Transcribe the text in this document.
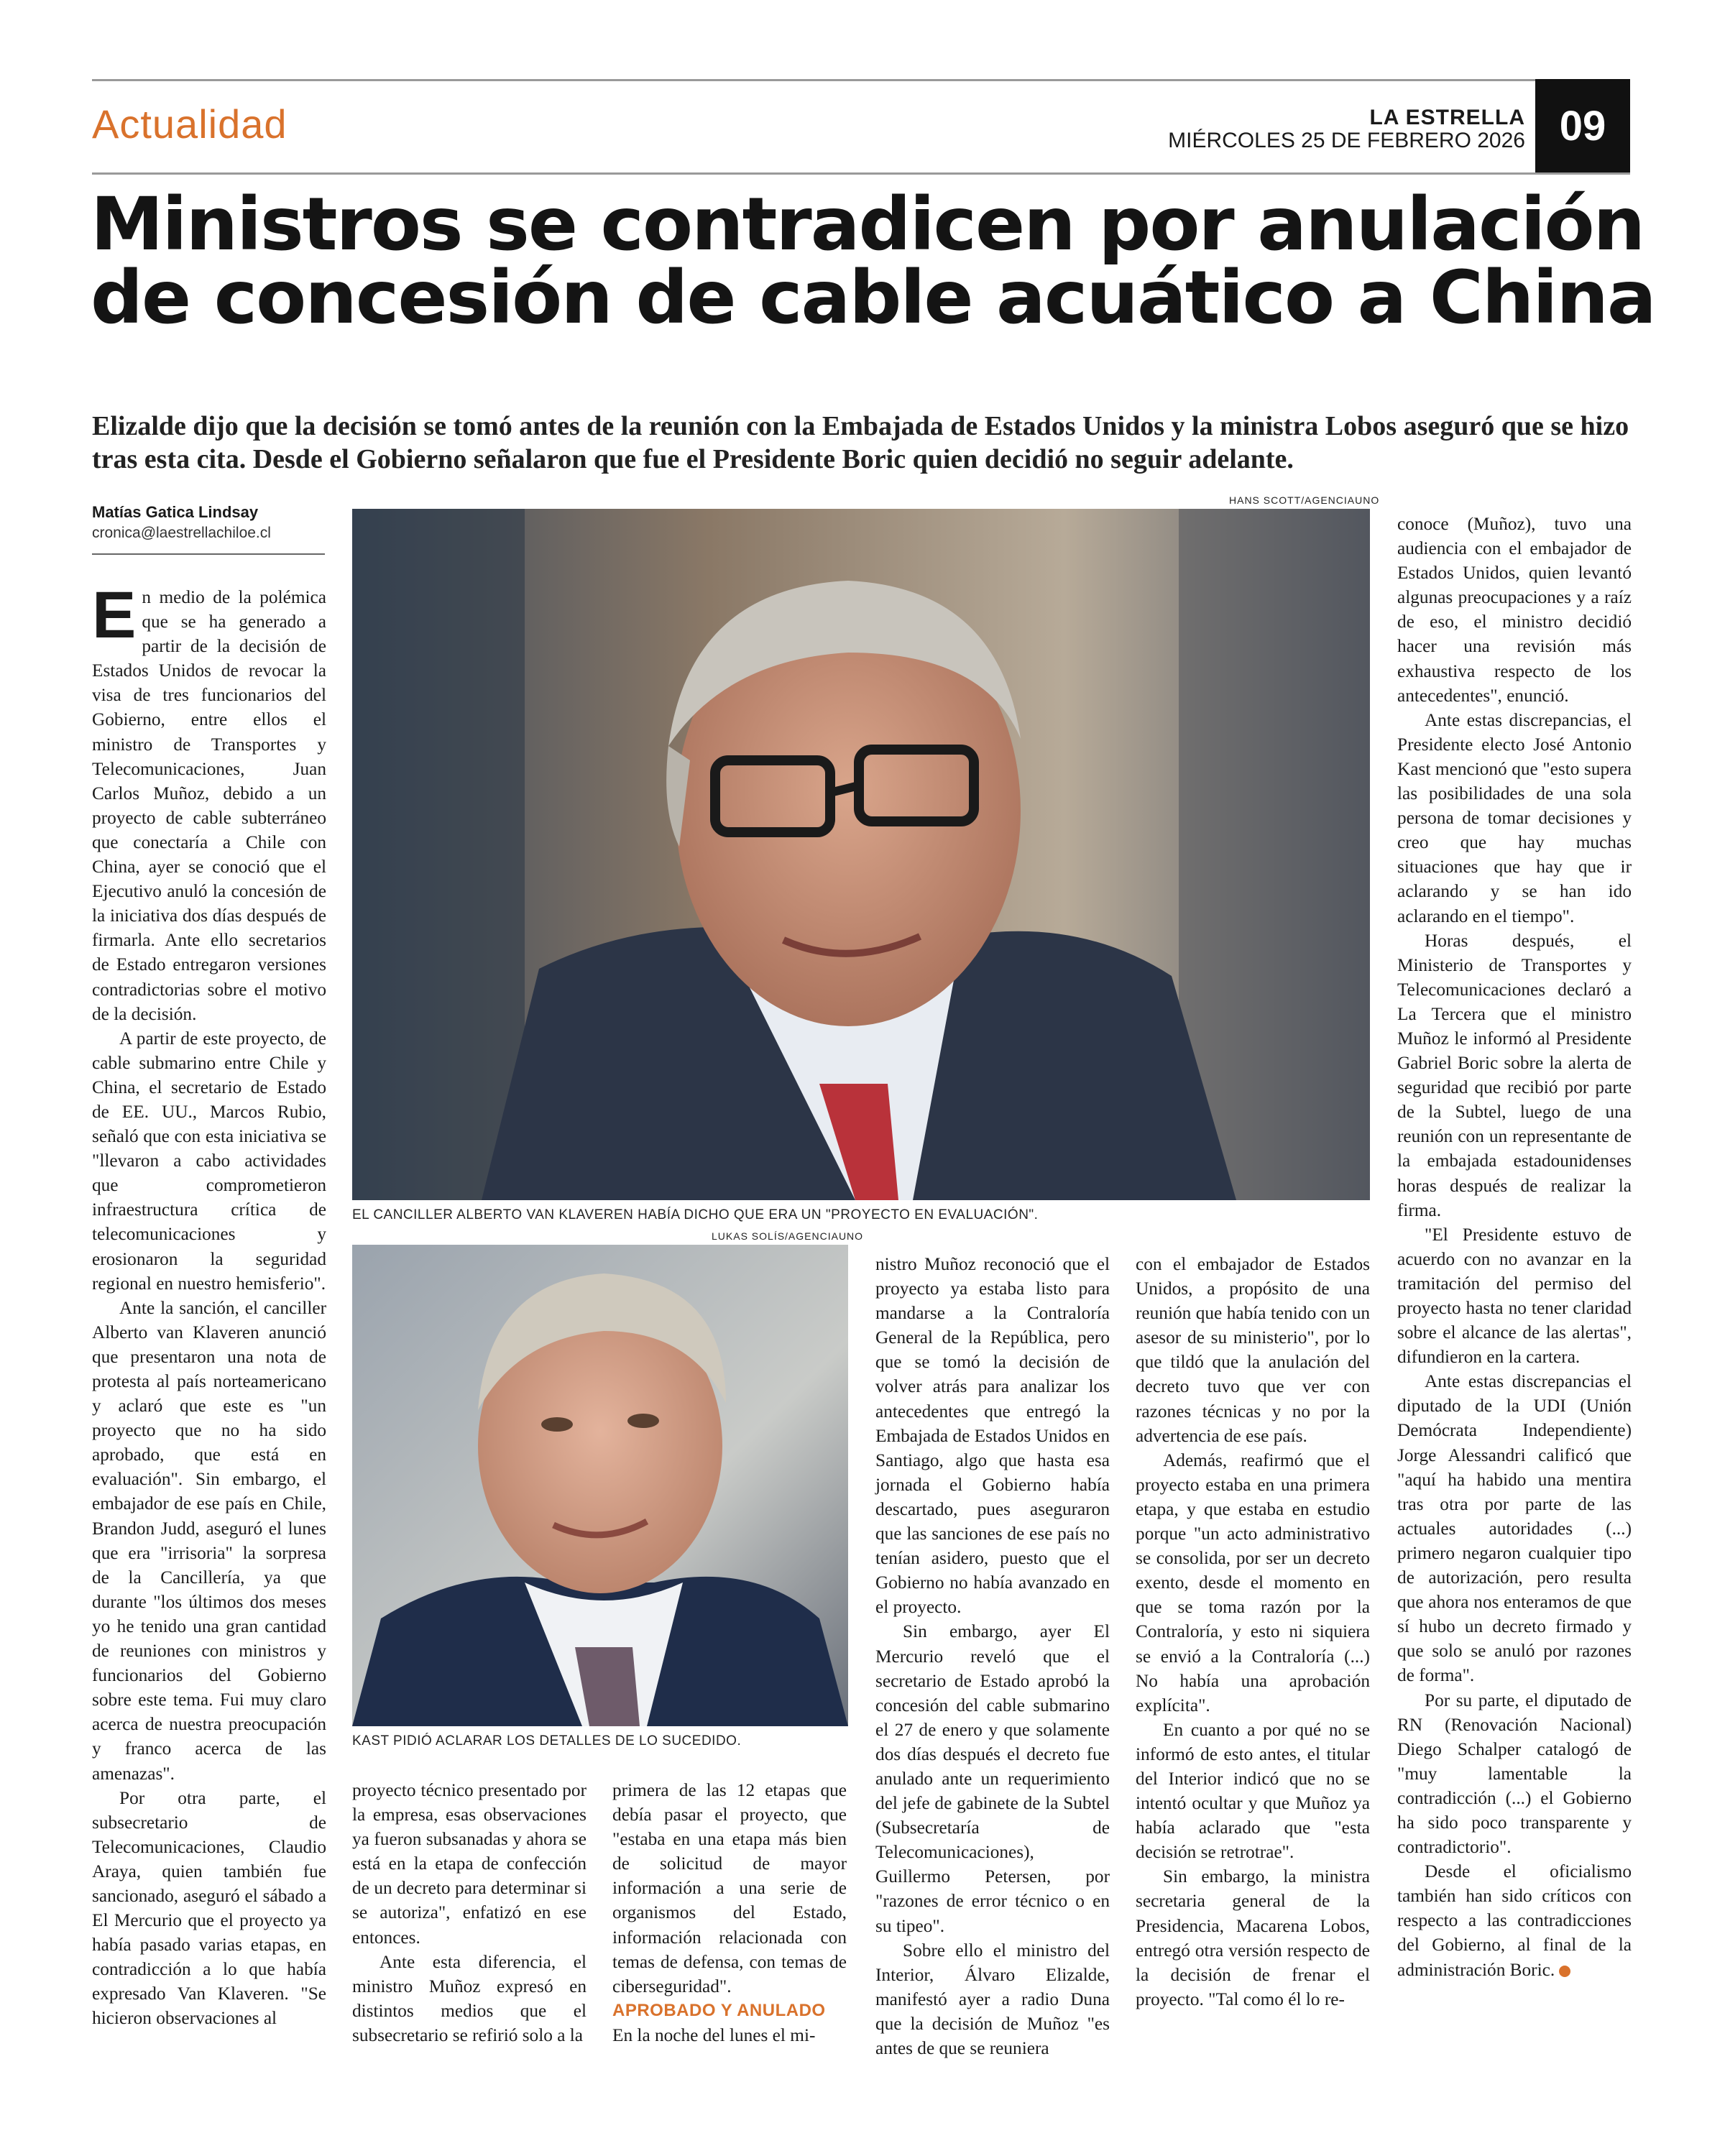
Actualidad	LA ESTRELLA
MIÉRCOLES 25 DE FEBRERO 2026 09
Ministros se contradicen por anulación
de concesión de cable acuático a China
Elizalde dijo que la decisión se tomó antes de la reunión con la Embajada de Estados Unidos y la ministra Lobos aseguró que se hizo tras esta cita. Desde el Gobierno señalaron que fue el Presidente Boric quien decidió no seguir adelante.
Matías Gatica Lindsay
cronica@laestrellachiloe.cl
HANS SCOTT/AGENCIAUNO
EL CANCILLER ALBERTO VAN KLAVEREN HABÍA DICHO QUE ERA UN "PROYECTO EN EVALUACIÓN".
LUKAS SOLÍS/AGENCIAUNO
KAST PIDIÓ ACLARAR LOS DETALLES DE LO SUCEDIDO.

En medio de la polémica que se ha generado a partir de la decisión de Estados Unidos de revocar la visa de tres funcionarios del Gobierno, entre ellos el ministro de Transportes y Telecomunicaciones, Juan Carlos Muñoz, debido a un proyecto de cable subterráneo que conectaría a Chile con China, ayer se conoció que el Ejecutivo anuló la concesión de la iniciativa dos días después de firmarla. Ante ello secretarios de Estado entregaron versiones contradictorias sobre el motivo de la decisión.

A partir de este proyecto, de cable submarino entre Chile y China, el secretario de Estado de EE. UU., Marcos Rubio, señaló que con esta iniciativa se "llevaron a cabo actividades que comprometieron infraestructura crítica de telecomunicaciones y erosionaron la seguridad regional en nuestro hemisferio".

Ante la sanción, el canciller Alberto van Klaveren anunció que presentaron una nota de protesta al país norteamericano y aclaró que este es "un proyecto que no ha sido aprobado, que está en evaluación". Sin embargo, el embajador de ese país en Chile, Brandon Judd, aseguró el lunes que era "irrisoria" la sorpresa de la Cancillería, ya que durante "los últimos dos meses yo he tenido una gran cantidad de reuniones con ministros y funcionarios del Gobierno sobre este tema. Fui muy claro acerca de nuestra preocupación y franco acerca de las amenazas".

Por otra parte, el subsecretario de Telecomunicaciones, Claudio Araya, quien también fue sancionado, aseguró el sábado a El Mercurio que el proyecto ya había pasado varias etapas, en contradicción a lo que había expresado Van Klaveren. "Se hicieron observaciones al

proyecto técnico presentado por la empresa, esas observaciones ya fueron subsanadas y ahora se está en la etapa de confección de un decreto para determinar si se autoriza", enfatizó en ese entonces.

Ante esta diferencia, el ministro Muñoz expresó en distintos medios que el subsecretario se refirió solo a la

primera de las 12 etapas que debía pasar el proyecto, que "estaba en una etapa más bien de solicitud de mayor información a una serie de organismos del Estado, información relacionada con temas de defensa, con temas de ciberseguridad".

APROBADO Y ANULADO

En la noche del lunes el mi-

nistro Muñoz reconoció que el proyecto ya estaba listo para mandarse a la Contraloría General de la República, pero que se tomó la decisión de volver atrás para analizar los antecedentes que entregó la Embajada de Estados Unidos en Santiago, algo que hasta esa jornada el Gobierno había descartado, pues aseguraron que las sanciones de ese país no tenían asidero, puesto que el Gobierno no había avanzado en el proyecto.

Sin embargo, ayer El Mercurio reveló que el secretario de Estado aprobó la concesión del cable submarino el 27 de enero y que solamente dos días después el decreto fue anulado ante un requerimiento del jefe de gabinete de la Subtel (Subsecretaría de Telecomunicaciones), Guillermo Petersen, por "razones de error técnico o en su tipeo".

Sobre ello el ministro del Interior, Álvaro Elizalde, manifestó ayer a radio Duna que la decisión de Muñoz "es antes de que se reuniera

con el embajador de Estados Unidos, a propósito de una reunión que había tenido con un asesor de su ministerio", por lo que tildó que la anulación del decreto tuvo que ver con razones técnicas y no por la advertencia de ese país.

Además, reafirmó que el proyecto estaba en una primera etapa, y que estaba en estudio porque "un acto administrativo se consolida, por ser un decreto exento, desde el momento en que se toma razón por la Contraloría, y esto ni siquiera se envió a la Contraloría (...) No había una aprobación explícita".

En cuanto a por qué no se informó de esto antes, el titular del Interior indicó que no se intentó ocultar y que Muñoz ya había aclarado que "esta decisión se retrotrae".

Sin embargo, la ministra secretaria general de la Presidencia, Macarena Lobos, entregó otra versión respecto de la decisión de frenar el proyecto. "Tal como él lo re-

conoce (Muñoz), tuvo una audiencia con el embajador de Estados Unidos, quien levantó algunas preocupaciones y a raíz de eso, el ministro decidió hacer una revisión más exhaustiva respecto de los antecedentes", enunció.

Ante estas discrepancias, el Presidente electo José Antonio Kast mencionó que "esto supera las posibilidades de una sola persona de tomar decisiones y creo que hay muchas situaciones que hay que ir aclarando y se han ido aclarando en el tiempo".

Horas después, el Ministerio de Transportes y Telecomunicaciones declaró a La Tercera que el ministro Muñoz le informó al Presidente Gabriel Boric sobre la alerta de seguridad que recibió por parte de la Subtel, luego de una reunión con un representante de la embajada estadounidenses horas después de realizar la firma.

"El Presidente estuvo de acuerdo con no avanzar en la tramitación del permiso del proyecto hasta no tener claridad sobre el alcance de las alertas", difundieron en la cartera.

Ante estas discrepancias el diputado de la UDI (Unión Demócrata Independiente) Jorge Alessandri calificó que "aquí ha habido una mentira tras otra por parte de las actuales autoridades (...) primero negaron cualquier tipo de autorización, pero resulta que ahora nos enteramos de que sí hubo un decreto firmado y que solo se anuló por razones de forma".

Por su parte, el diputado de RN (Renovación Nacional) Diego Schalper catalogó de "muy lamentable la contradicción (...) el Gobierno ha sido poco transparente y contradictorio".

Desde el oficialismo también han sido críticos con respecto a las contradicciones del Gobierno, al final de la administración Boric.
